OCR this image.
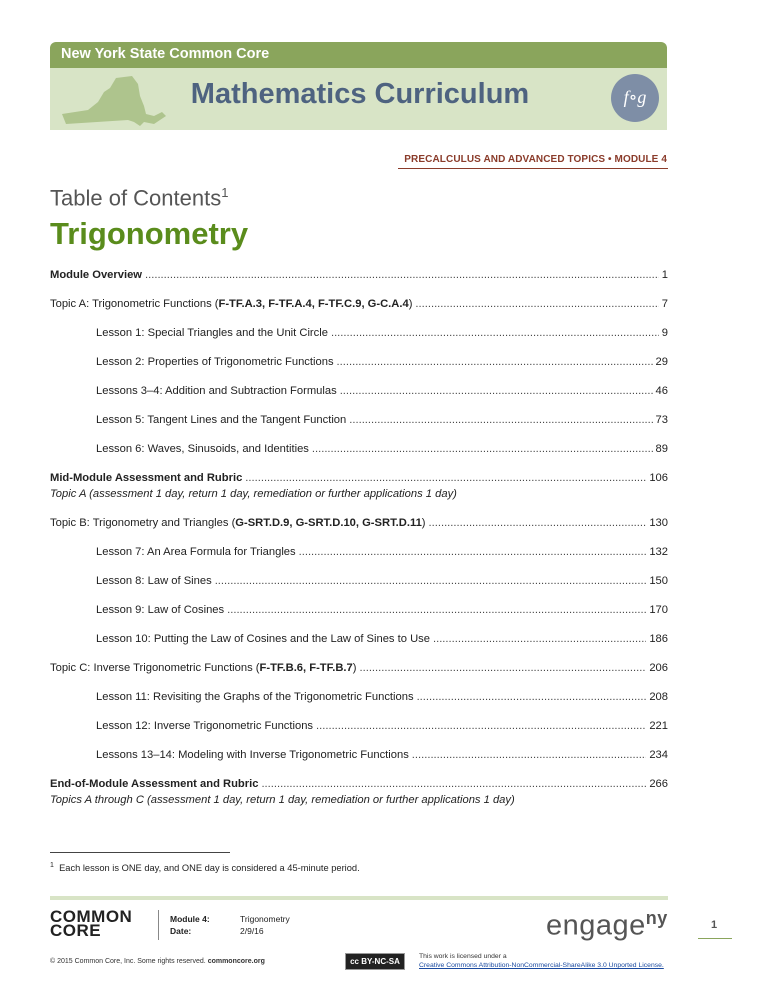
New York State Common Core
Mathematics Curriculum	f∘g
PRECALCULUS AND ADVANCED TOPICS • MODULE 4
Table of Contents$^1$
Trigonometry
Module Overview .....	1
Topic A: Trigonometric Functions (F-TF.A.3, F-TF.A.4, F-TF.C.9, G-C.A.4) .....	7
Lesson 1: Special Triangles and the Unit Circle .....	9
Lesson 2: Properties of Trigonometric Functions .....	29
Lessons 3–4: Addition and Subtraction Formulas .....	46
Lesson 5: Tangent Lines and the Tangent Function .....	73
Lesson 6: Waves, Sinusoids, and Identities .....	89
Mid-Module Assessment and Rubric .....	106
Topic A (assessment 1 day, return 1 day, remediation or further applications 1 day)
Topic B: Trigonometry and Triangles (G-SRT.D.9, G-SRT.D.10, G-SRT.D.11) .....	130
Lesson 7: An Area Formula for Triangles .....	132
Lesson 8: Law of Sines .....	150
Lesson 9: Law of Cosines .....	170
Lesson 10: Putting the Law of Cosines and the Law of Sines to Use .....	186
Topic C: Inverse Trigonometric Functions (F-TF.B.6, F-TF.B.7) .....	206
Lesson 11: Revisiting the Graphs of the Trigonometric Functions .....	208
Lesson 12: Inverse Trigonometric Functions .....	221
Lessons 13–14: Modeling with Inverse Trigonometric Functions .....	234
End-of-Module Assessment and Rubric .....	266
Topics A through C (assessment 1 day, return 1 day, remediation or further applications 1 day)
$^1$ Each lesson is ONE day, and ONE day is considered a 45-minute period.
COMMON
CORE
Module 4:
Date:
Trigonometry
2/9/16	engage$^{ny}$	1
© 2015 Common Core, Inc. Some rights reserved. commoncore.org	cc BY-NC-SA
This work is licensed under a
Creative Commons Attribution-NonCommercial-ShareAlike 3.0 Unported License.
